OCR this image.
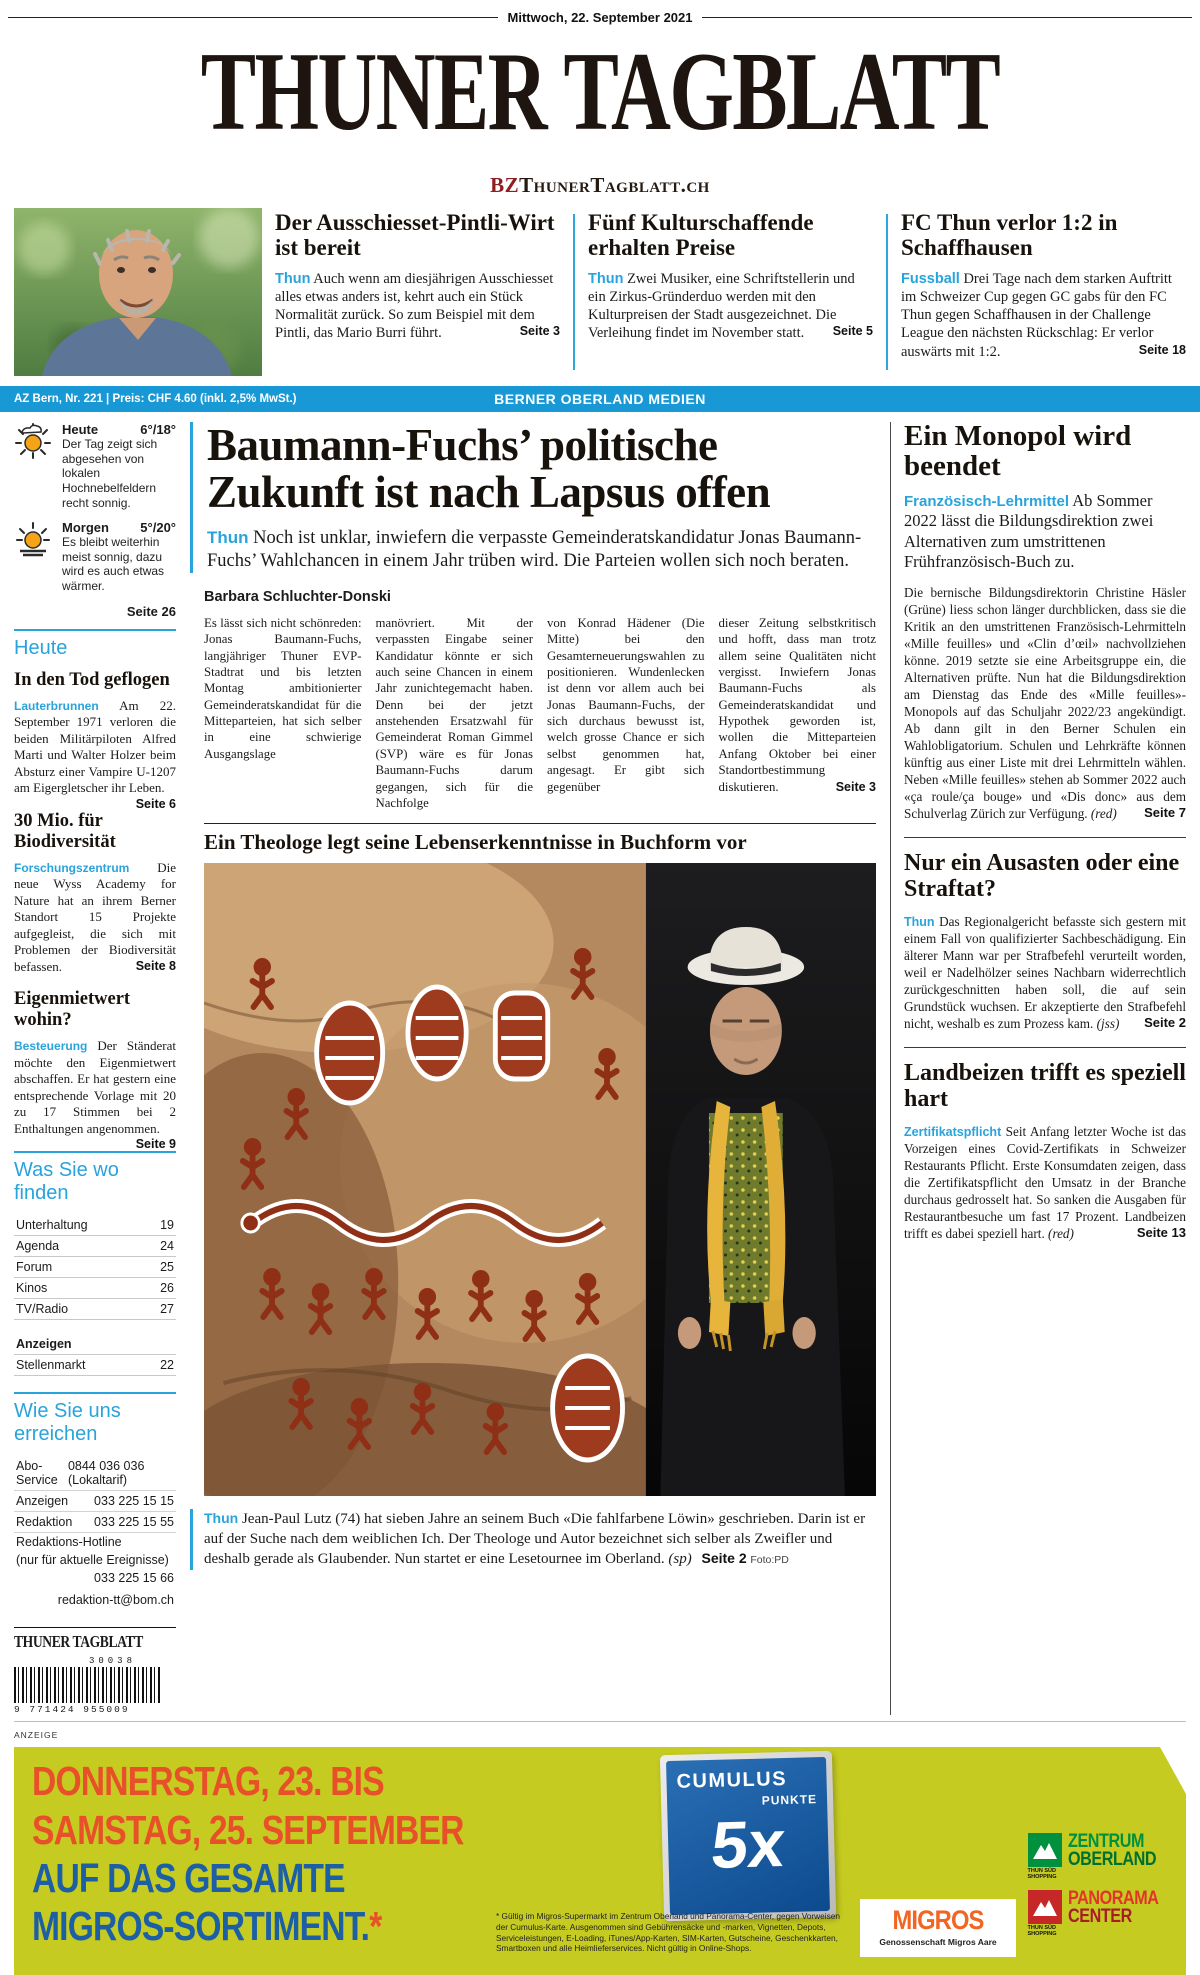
Mittwoch, 22. September 2021
THUNER TAGBLATT
BZThunerTagblatt.ch
Der Ausschiesset-Pintli-Wirt ist bereit

Thun Auch wenn am diesjährigen Ausschiesset alles etwas anders ist, kehrt auch ein Stück Normalität zurück. So zum Beispiel mit dem Pintli, das Mario Burri führt.	Seite 3

Fünf Kulturschaffende erhalten Preise

Thun Zwei Musiker, eine Schriftstellerin und ein Zirkus-Gründerduo werden mit den Kulturpreisen der Stadt ausgezeichnet. Die Verleihung findet im November statt. Seite 5

FC Thun verlor 1:2 in Schaffhausen

Fussball Drei Tage nach dem starken Auftritt im Schweizer Cup gegen GC gabs für den FC Thun gegen Schaffhausen in der Challenge League den nächsten Rückschlag: Er verlor auswärts mit 1:2.	Seite 18

BERNER OBERLAND MEDIEN
AZ Bern, Nr. 221 | Preis: CHF 4.60 (inkl. 2,5% MwSt.)
Heute	6°/18°
Der Tag zeigt sich abgesehen von lokalen Hochnebelfeldern recht sonnig.
Morgen 5°/20°
Es bleibt weiterhin meist sonnig, dazu wird es auch etwas wärmer.
Seite 26
Heute
In den Tod geflogen

Lauterbrunnen Am 22. September 1971 verloren die beiden Militärpiloten Alfred Marti und Walter Holzer beim Absturz einer Vampire U-1207 am Eigergletscher ihr Leben.
Seite 6

30 Mio. für Biodiversität

Forschungszentrum Die neue Wyss Academy for Nature hat an ihrem Berner Standort 15 Projekte aufgegleist, die sich mit Problemen der Biodiversität befassen.	Seite 8

Eigenmietwert wohin?

Besteuerung Der Ständerat möchte den Eigenmietwert abschaffen. Er hat gestern eine entsprechende Vorlage mit 20 zu 17 Stimmen bei 2 Enthaltungen angenommen.
Seite 9

Was Sie wo finden
Unterhaltung	19
Agenda	24
Forum	25
Kinos	26
TV/Radio	27
Anzeigen
Stellenmarkt	22
Wie Sie uns erreichen
Abo-Service
0844 036 036 (Lokaltarif)
Anzeigen 033 225 15 15
Redaktion 033 225 15 55
Redaktions-Hotline
(nur für aktuelle Ereignisse)
033 225 15 66
redaktion-tt@bom.ch
THUNER TAGBLATT
30038
9 771424 955009
Baumann-Fuchs’ politische Zukunft ist nach Lapsus offen

Thun Noch ist unklar, inwiefern die verpasste Gemeinderatskandidatur Jonas Baumann-Fuchs’ Wahlchancen in einem Jahr trüben wird. Die Parteien wollen sich noch beraten.

Barbara Schluchter-Donski
Es lässt sich nicht schönreden: Jonas Baumann-Fuchs, langjähriger Thuner EVP-Stadtrat und bis letzten Montag ambitionierter Gemeinderatskandidat für die Mitteparteien, hat sich selber in eine schwierige Ausgangslage
manövriert. Mit der verpassten Eingabe seiner Kandidatur könnte er sich auch seine Chancen in einem Jahr zunichtegemacht haben. Denn bei der jetzt anstehenden Ersatzwahl für Gemeinderat Roman Gimmel (SVP) wäre es für Jonas Baumann-Fuchs darum gegangen, sich für die Nachfolge
von Konrad Hädener (Die Mitte) bei den Gesamterneuerungswahlen zu positionieren. Wundenlecken ist denn vor allem auch bei Jonas Baumann-Fuchs, der sich durchaus bewusst ist, welch grosse Chance er sich selbst genommen hat, angesagt. Er gibt sich gegenüber
dieser Zeitung selbstkritisch und hofft, dass man trotz allem seine Qualitäten nicht vergisst. Inwiefern Jonas Baumann-Fuchs als Gemeinderatskandidat und Hypothek geworden ist, wollen die Mitteparteien Anfang Oktober bei einer Standortbestimmung diskutieren.	Seite 3
Ein Theologe legt seine Lebenserkenntnisse in Buchform vor

Thun Jean-Paul Lutz (74) hat sieben Jahre an seinem Buch «Die fahlfarbene Löwin» geschrieben. Darin ist er auf der Suche nach dem weiblichen Ich. Der Theologe und Autor bezeichnet sich selber als Zweifler und deshalb gerade als Glaubender. Nun startet er eine Lesetournee im Oberland. (sp) Seite 2 Foto:PD

Ein Monopol wird beendet

Französisch-Lehrmittel Ab Sommer 2022 lässt die Bildungsdirektion zwei Alternativen zum umstrittenen Frühfranzösisch-Buch zu.

Die bernische Bildungsdirektorin Christine Häsler (Grüne) liess schon länger durchblicken, dass sie die Kritik an den umstrittenen Französisch-Lehrmitteln «Mille feuilles» und «Clin d’œil» nachvollziehen könne. 2019 setzte sie eine Arbeitsgruppe ein, die Alternativen prüfte. Nun hat die Bildungsdirektion am Dienstag das Ende des «Mille feuilles»-Monopols auf das Schuljahr 2022/23 angekündigt. Ab dann gilt in den Berner Schulen ein Wahlobligatorium. Schulen und Lehrkräfte können künftig aus einer Liste mit drei Lehrmitteln wählen. Neben «Mille feuilles» stehen ab Sommer 2022 auch «ça roule/ça bouge» und «Dis donc» aus dem Schulverlag Zürich zur Verfügung. (red) Seite 7

Nur ein Ausasten oder eine Straftat?

Thun Das Regionalgericht befasste sich gestern mit einem Fall von qualifizierter Sachbeschädigung. Ein älterer Mann war per Strafbefehl verurteilt worden, weil er Nadelhölzer seines Nachbarn widerrechtlich zurückgeschnitten haben soll, die auf sein Grundstück wuchsen. Er akzeptierte den Strafbefehl nicht, weshalb es zum Prozess kam. (jss) Seite 2

Landbeizen trifft es speziell hart

Zertifikatspflicht Seit Anfang letzter Woche ist das Vorzeigen eines Covid-Zertifikats in Schweizer Restaurants Pflicht. Erste Konsumdaten zeigen, dass die Zertifikatspflicht den Umsatz in der Branche durchaus gedrosselt hat. So sanken die Ausgaben für Restaurantbesuche um fast 17 Prozent. Landbeizen trifft es dabei speziell hart. (red)	Seite 13

ANZEIGE
DONNERSTAG, 23. BIS
SAMSTAG, 25. SEPTEMBER
AUF DAS GESAMTE
MIGROS-SORTIMENT.*
CUMULUS
PUNKTE
5x
* Gültig im Migros-Supermarkt im Zentrum Oberland und Panorama-Center, gegen Vorweisen der Cumulus-Karte. Ausgenommen sind Gebührensäcke und -marken, Vignetten, Depots, Serviceleistungen, E-Loading, iTunes/App-Karten, SIM-Karten, Gutscheine, Geschenkkarten, Smartboxen und alle Heimlieferservices. Nicht gültig in Online-Shops.
MIGROS
Genossenschaft Migros Aare
THUN SÜD
SHOPPING
ZENTRUM
OBERLAND
THUN SÜD
SHOPPING
PANORAMA
CENTER
